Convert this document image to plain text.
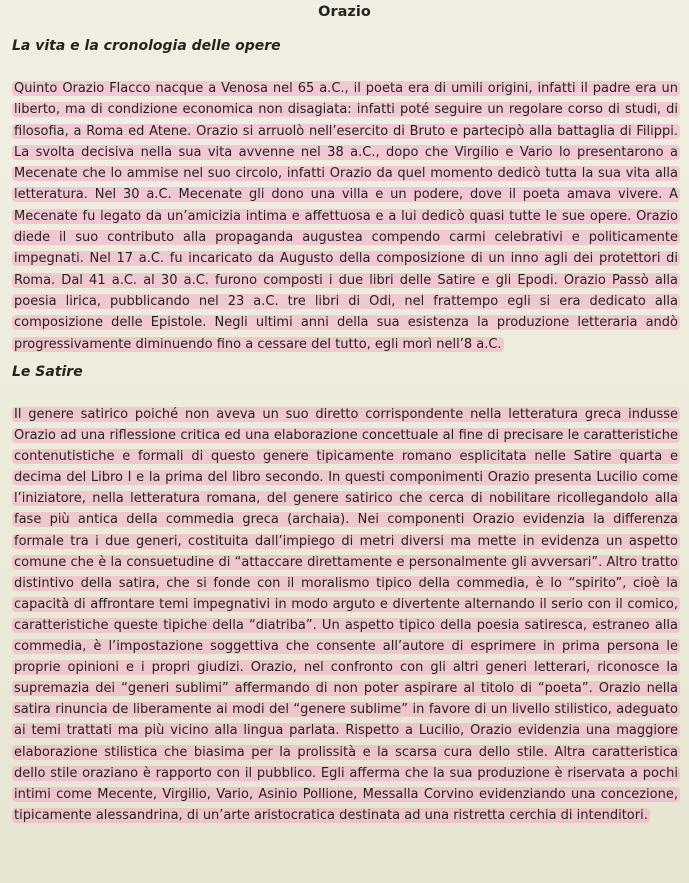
Orazio
La vita e la cronologia delle opere
Quinto Orazio Flacco nacque a Venosa nel 65 a.C., il poeta era di umili origini, infatti il padre era un liberto, ma di condizione economica non disagiata: infatti poté seguire un regolare corso di studi, di filosofia, a Roma ed Atene. Orazio si arruolò nell’esercito di Bruto e partecipò alla battaglia di Filippi. La svolta decisiva nella sua vita avvenne nel 38 a.C., dopo che Virgilio e Vario lo presentarono a Mecenate che lo ammise nel suo circolo, infatti Orazio da quel momento dedicò tutta la sua vita alla letteratura. Nel 30 a.C. Mecenate gli dono una villa e un podere, dove il poeta amava vivere. A Mecenate fu legato da un’amicizia intima e affettuosa e a lui dedicò quasi tutte le sue opere. Orazio diede il suo contributo alla propaganda augustea compendo carmi celebrativi e politicamente impegnati. Nel 17 a.C. fu incaricato da Augusto della composizione di un inno agli dei protettori di Roma. Dal 41 a.C. al 30 a.C. furono composti i due libri delle Satire e gli Epodi. Orazio Passò alla poesia lirica, pubblicando nel 23 a.C. tre libri di Odi, nel frattempo egli si era dedicato alla composizione delle Epistole. Negli ultimi anni della sua esistenza la produzione letteraria andò progressivamente diminuendo fino a cessare del tutto, egli morì nell’8 a.C.
Le Satire
Il genere satirico poiché non aveva un suo diretto corrispondente nella letteratura greca indusse Orazio ad una riflessione critica ed una elaborazione concettuale al fine di precisare le caratteristiche contenutistiche e formali di questo genere tipicamente romano esplicitata nelle Satire quarta e decima del Libro I e la prima del libro secondo. In questi componimenti Orazio presenta Lucilio come l’iniziatore, nella letteratura romana, del genere satirico che cerca di nobilitare ricollegandolo alla fase più antica della commedia greca (archaia). Nei componenti Orazio evidenzia la differenza formale tra i due generi, costituita dall’impiego di metri diversi ma mette in evidenza un aspetto comune che è la consuetudine di “attaccare direttamente e personalmente gli avversari”. Altro tratto distintivo della satira, che si fonde con il moralismo tipico della commedia, è lo “spirito”, cioè la capacità di affrontare temi impegnativi in modo arguto e divertente alternando il serio con il comico, caratteristiche queste tipiche della “diatriba”. Un aspetto tipico della poesia satiresca, estraneo alla commedia, è l’impostazione soggettiva che consente all’autore di esprimere in prima persona le proprie opinioni e i propri giudizi. Orazio, nel confronto con gli altri generi letterari, riconosce la supremazia dei “generi sublimi” affermando di non poter aspirare al titolo di “poeta”. Orazio nella satira rinuncia de liberamente ai modi del “genere sublime” in favore di un livello stilistico, adeguato ai temi trattati ma più vicino alla lingua parlata. Rispetto a Lucilio, Orazio evidenzia una maggiore elaborazione stilistica che biasima per la prolissità e la scarsa cura dello stile. Altra caratteristica dello stile oraziano è rapporto con il pubblico. Egli afferma che la sua produzione è riservata a pochi intimi come Mecente, Virgilio, Vario, Asinio Pollione, Messalla Corvino evidenziando una concezione, tipicamente alessandrina, di un’arte aristocratica destinata ad una ristretta cerchia di intenditori.
